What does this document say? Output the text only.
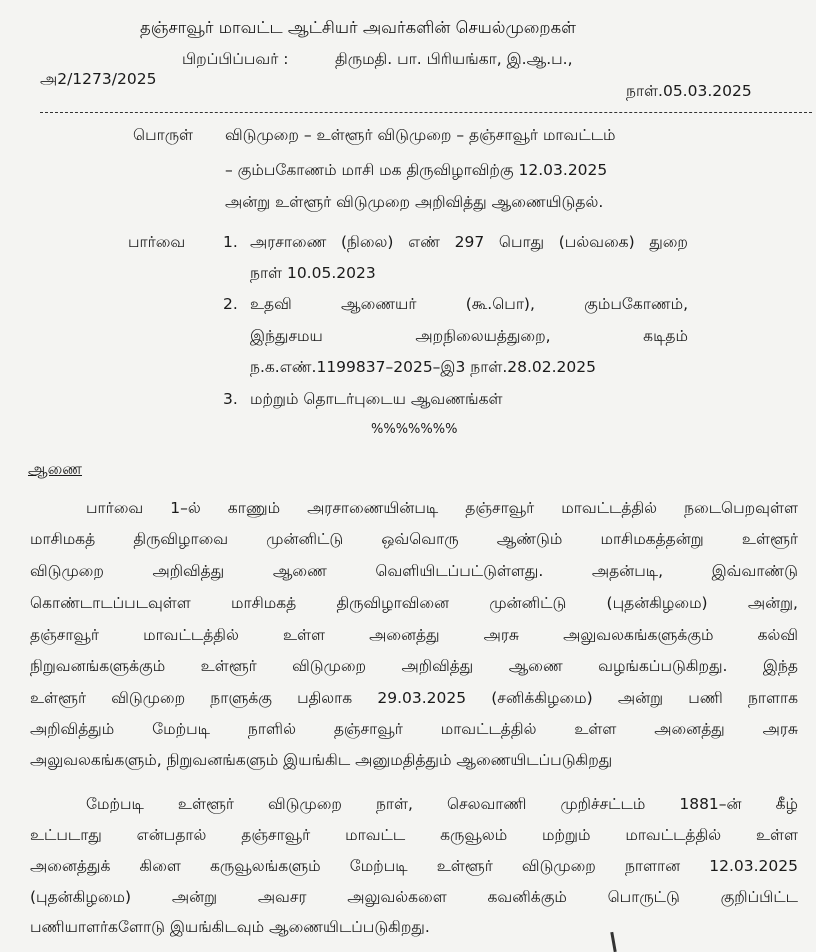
தஞ்சாவூர் மாவட்ட ஆட்சியர் அவர்களின் செயல்முறைகள்
பிறப்பிப்பவர் :	திருமதி. பா. பிரியங்கா, இ.ஆ.ப.,
அ2/1273/2025
நாள்.05.03.2025
பொருள் விடுமுறை – உள்ளூர் விடுமுறை – தஞ்சாவூர் மாவட்டம்
– கும்பகோணம் மாசி மக திருவிழாவிற்கு 12.03.2025
அன்று உள்ளூர் விடுமுறை அறிவித்து ஆணையிடுதல்.
பார்வை 1. அரசாணை (நிலை) எண் 297 பொது (பல்வகை) துறை
நாள் 10.05.2023
2. உதவி ஆணையர் (கூ.பொ), கும்பகோணம்,
இந்துசமய அறநிலையத்துறை, கடிதம்
ந.க.எண்.1199837–2025–இ3 நாள்.28.02.2025
3. மற்றும் தொடர்புடைய ஆவணங்கள்
%%%%%%%
ஆணை
பார்வை 1–ல் காணும் அரசாணையின்படி தஞ்சாவூர் மாவட்டத்தில் நடைபெறவுள்ள
மாசிமகத் திருவிழாவை முன்னிட்டு ஒவ்வொரு ஆண்டும் மாசிமகத்தன்று உள்ளூர்
விடுமுறை அறிவித்து ஆணை வெளியிடப்பட்டுள்ளது. அதன்படி, இவ்வாண்டு
கொண்டாடப்படவுள்ள மாசிமகத் திருவிழாவினை முன்னிட்டு (புதன்கிழமை) அன்று,
தஞ்சாவூர் மாவட்டத்தில் உள்ள அனைத்து அரசு அலுவலகங்களுக்கும் கல்வி
நிறுவனங்களுக்கும் உள்ளூர் விடுமுறை அறிவித்து ஆணை வழங்கப்படுகிறது. இந்த
உள்ளூர் விடுமுறை நாளுக்கு பதிலாக 29.03.2025 (சனிக்கிழமை) அன்று பணி நாளாக
அறிவித்தும் மேற்படி நாளில் தஞ்சாவூர் மாவட்டத்தில் உள்ள அனைத்து அரசு
அலுவலகங்களும், நிறுவனங்களும் இயங்கிட அனுமதித்தும் ஆணையிடப்படுகிறது
மேற்படி உள்ளூர் விடுமுறை நாள், செலவாணி முறிச்சட்டம் 1881–ன் கீழ்
உட்படாது என்பதால் தஞ்சாவூர் மாவட்ட கருவூலம் மற்றும் மாவட்டத்தில் உள்ள
அனைத்துக் கிளை கருவூலங்களும் மேற்படி உள்ளூர் விடுமுறை நாளான 12.03.2025
(புதன்கிழமை) அன்று அவசர அலுவல்களை கவனிக்கும் பொருட்டு குறிப்பிட்ட
பணியாளர்களோடு இயங்கிடவும் ஆணையிடப்படுகிறது.
